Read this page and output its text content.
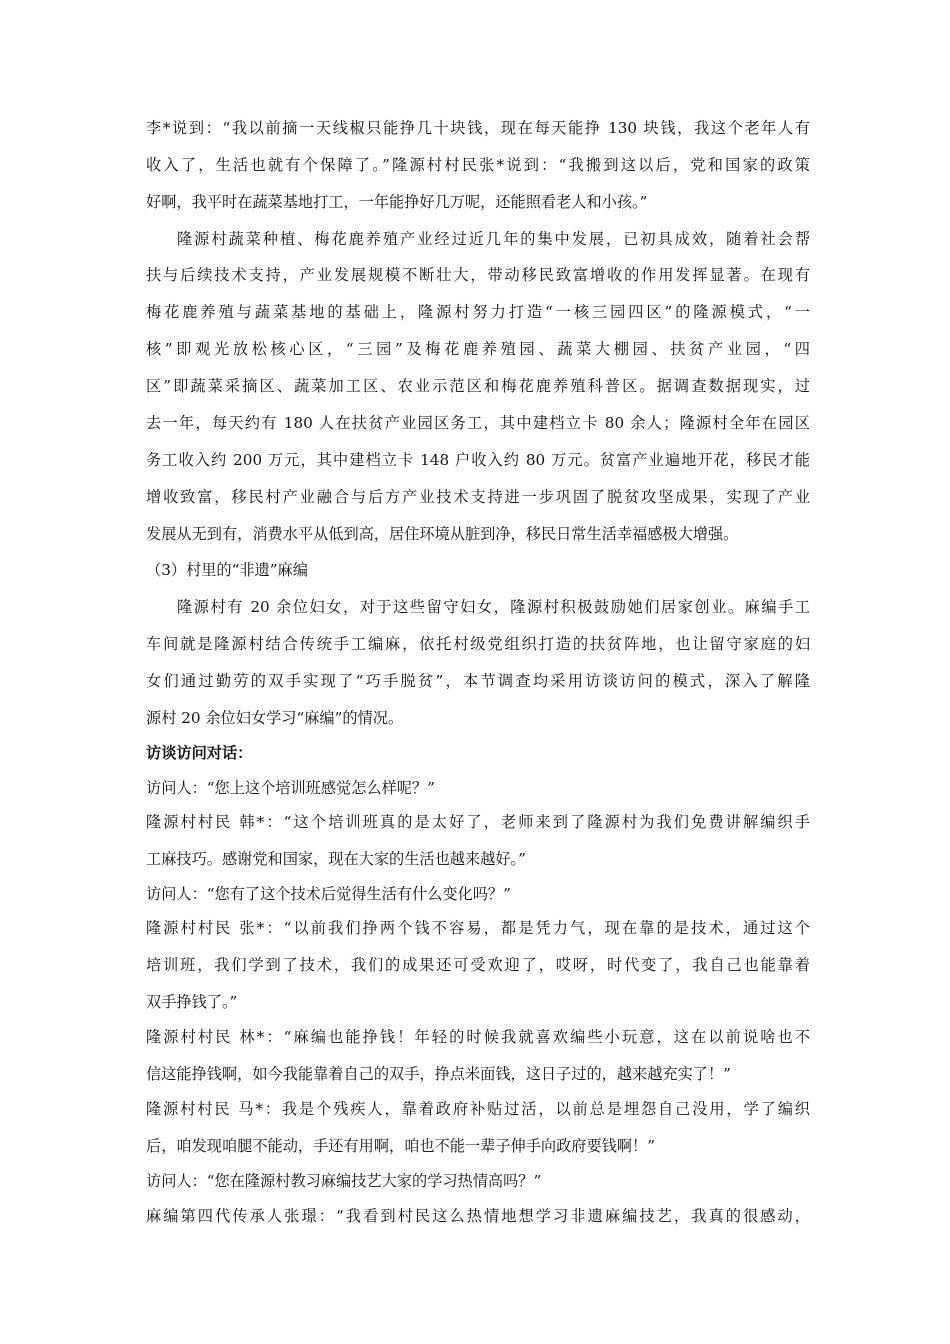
李*说到：“我以前摘一天线椒只能挣几十块钱，现在每天能挣 130 块钱，我这个老年人有
收入了，生活也就有个保障了。”隆源村村民张*说到：“我搬到这以后，党和国家的政策
好啊，我平时在蔬菜基地打工，一年能挣好几万呢，还能照看老人和小孩。”
隆源村蔬菜种植、梅花鹿养殖产业经过近几年的集中发展，已初具成效，随着社会帮
扶与后续技术支持，产业发展规模不断壮大，带动移民致富增收的作用发挥显著。在现有
梅花鹿养殖与蔬菜基地的基础上，隆源村努力打造“一核三园四区”的隆源模式，“一
核”即观光放松核心区，“三园”及梅花鹿养殖园、蔬菜大棚园、扶贫产业园，“四
区”即蔬菜采摘区、蔬菜加工区、农业示范区和梅花鹿养殖科普区。据调查数据现实，过
去一年，每天约有 180 人在扶贫产业园区务工，其中建档立卡 80 余人；隆源村全年在园区
务工收入约 200 万元，其中建档立卡 148 户收入约 80 万元。贫富产业遍地开花，移民才能
增收致富，移民村产业融合与后方产业技术支持进一步巩固了脱贫攻坚成果，实现了产业
发展从无到有，消费水平从低到高，居住环境从脏到净，移民日常生活幸福感极大增强。
（3）村里的“非遗”麻编
隆源村有 20 余位妇女，对于这些留守妇女，隆源村积极鼓励她们居家创业。麻编手工
车间就是隆源村结合传统手工编麻，依托村级党组织打造的扶贫阵地，也让留守家庭的妇
女们通过勤劳的双手实现了“巧手脱贫”，本节调查均采用访谈访问的模式，深入了解隆
源村 20 余位妇女学习“麻编”的情况。
访谈访问对话：
访问人：“您上这个培训班感觉怎么样呢？”
隆源村村民 韩*：“这个培训班真的是太好了，老师来到了隆源村为我们免费讲解编织手
工麻技巧。感谢党和国家，现在大家的生活也越来越好。”
访问人：“您有了这个技术后觉得生活有什么变化吗？”
隆源村村民 张*：“以前我们挣两个钱不容易，都是凭力气，现在靠的是技术，通过这个
培训班，我们学到了技术，我们的成果还可受欢迎了，哎呀，时代变了，我自己也能靠着
双手挣钱了。”
隆源村村民 林*：“麻编也能挣钱！年轻的时候我就喜欢编些小玩意，这在以前说啥也不
信这能挣钱啊，如今我能靠着自己的双手，挣点米面钱，这日子过的，越来越充实了！”
隆源村村民 马*：我是个残疾人，靠着政府补贴过活，以前总是埋怨自己没用，学了编织
后，咱发现咱腿不能动，手还有用啊，咱也不能一辈子伸手向政府要钱啊！”
访问人：“您在隆源村教习麻编技艺大家的学习热情高吗？”
麻编第四代传承人张璟：“我看到村民这么热情地想学习非遗麻编技艺，我真的很感动，
